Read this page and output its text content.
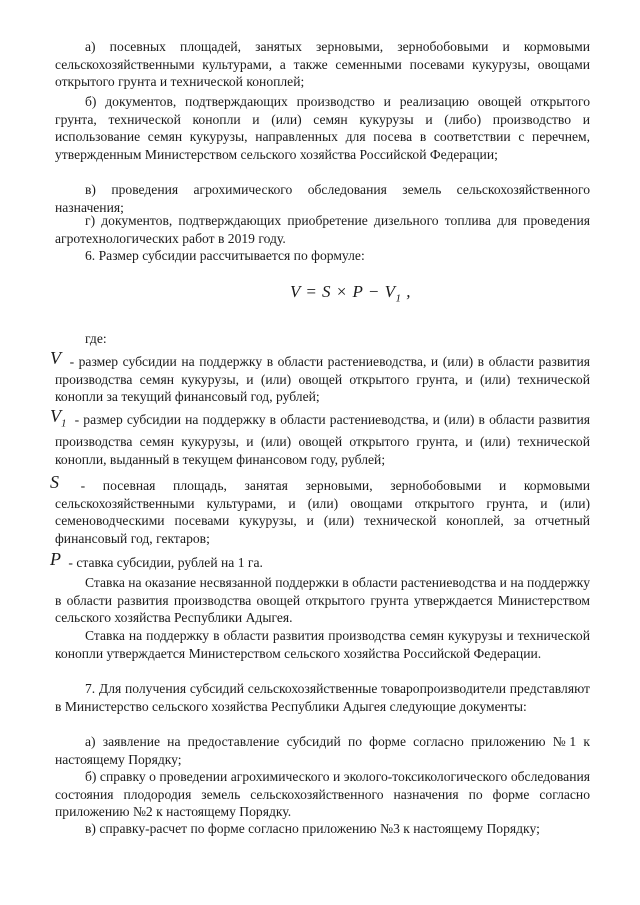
а) посевных площадей, занятых зерновыми, зернобобовыми и кормовыми сельскохозяйственными культурами, а также семенными посевами кукурузы, овощами открытого грунта и технической коноплей;

б) документов, подтверждающих производство и реализацию овощей открытого грунта, технической конопли и (или) семян кукурузы и (либо) производство и использование семян кукурузы, направленных для посева в соответствии с перечнем, утвержденным Министерством сельского хозяйства Российской Федерации;

в) проведения агрохимического обследования земель сельскохозяйственного назначения;

г) документов, подтверждающих приобретение дизельного топлива для проведения агротехнологических работ в 2019 году.

6. Размер субсидии рассчитывается по формуле:

$V = S \times P - V_1$ ,
где:

V - размер субсидии на поддержку в области растениеводства, и (или) в области развития производства семян кукурузы, и (или) овощей открытого грунта, и (или) технической конопли за текущий финансовый год, рублей;

$V_1$ - размер субсидии на поддержку в области растениеводства, и (или) в области развития производства семян кукурузы, и (или) овощей открытого грунта, и (или) технической конопли, выданный в текущем финансовом году, рублей;

S - посевная площадь, занятая зерновыми, зернобобовыми и кормовыми сельскохозяйственными культурами, и (или) овощами открытого грунта, и (или) семеноводческими посевами кукурузы, и (или) технической коноплей, за отчетный финансовый год, гектаров;

P - ставка субсидии, рублей на 1 га.

Ставка на оказание несвязанной поддержки в области растениеводства и на поддержку в области развития производства овощей открытого грунта утверждается Министерством сельского хозяйства Республики Адыгея.

Ставка на поддержку в области развития производства семян кукурузы и технической конопли утверждается Министерством сельского хозяйства Российской Федерации.

7. Для получения субсидий сельскохозяйственные товаропроизводители представляют в Министерство сельского хозяйства Республики Адыгея следующие документы:

а) заявление на предоставление субсидий по форме согласно приложению №1 к настоящему Порядку;

б) справку о проведении агрохимического и эколого-токсикологического обследования состояния плодородия земель сельскохозяйственного назначения по форме согласно приложению №2 к настоящему Порядку.

в) справку-расчет по форме согласно приложению №3 к настоящему Порядку;
